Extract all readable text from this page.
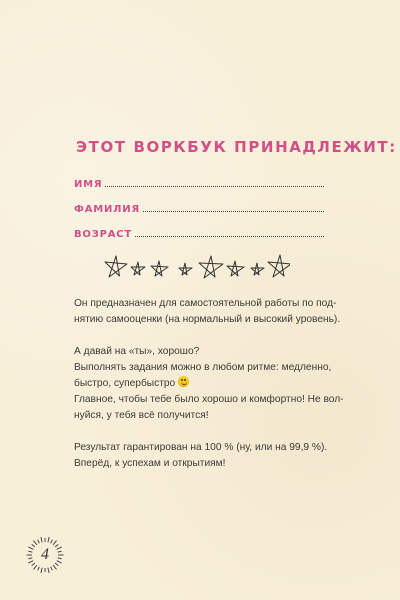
ЭТОТ ВОРКБУК ПРИНАДЛЕЖИТ:
ИМЯ
ФАМИЛИЯ
ВОЗРАСТ
Он предназначен для самостоятельной работы по под-
нятию самооценки (на нормальный и высокий уровень).
А давай на «ты», хорошо?
Выполнять задания можно в любом ритме: медленно,
быстро, супербыстро
Главное, чтобы тебе было хорошо и комфортно! Не вол-
нуйся, у тебя всё получится!
Результат гарантирован на 100 % (ну, или на 99,9 %).
Вперёд, к успехам и открытиям!
4
